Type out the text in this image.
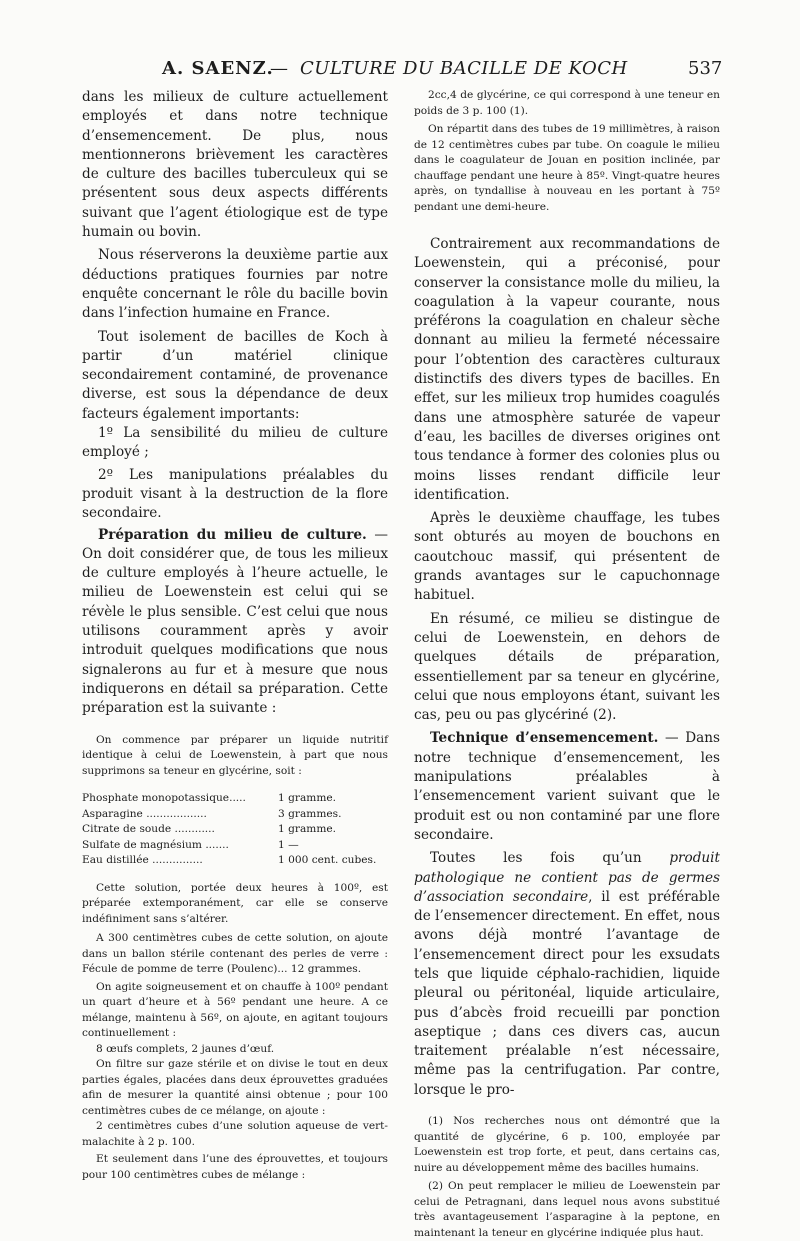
A. SAENZ.
— CULTURE DU BACILLE DE KOCH	537

dans les milieux de culture actuellement employés et dans notre technique d’ensemencement. De plus, nous mentionnerons brièvement les caractères de culture des bacilles tuberculeux qui se présentent sous deux aspects différents suivant que l’agent étiologique est de type humain ou bovin.

Nous réserverons la deuxième partie aux déductions pratiques fournies par notre enquête concernant le rôle du bacille bovin dans l’infection humaine en France.

Tout isolement de bacilles de Koch à partir d’un matériel clinique secondairement contaminé, de provenance diverse, est sous la dépendance de deux facteurs également importants:

1º La sensibilité du milieu de culture employé ;

2º Les manipulations préalables du produit visant à la destruction de la flore secondaire.

Préparation du milieu de culture. — On doit considérer que, de tous les milieux de culture employés à l’heure actuelle, le milieu de Loewenstein est celui qui se révèle le plus sensible. C’est celui que nous utilisons couramment après y avoir introduit quelques modifications que nous signalerons au fur et à mesure que nous indiquerons en détail sa préparation. Cette préparation est la suivante :

On commence par préparer un liquide nutritif identique à celui de Loewenstein, à part que nous supprimons sa teneur en glycérine, soit :

Phosphate monopotassique.....	1 gramme.
Asparagine ..................	3 grammes.
Citrate de soude ............	1 gramme.
Sulfate de magnésium .......	1 —
Eau distillée ...............	1 000 cent. cubes.

Cette solution, portée deux heures à 100º, est préparée extemporanément, car elle se conserve indéfiniment sans s’altérer.

A 300 centimètres cubes de cette solution, on ajoute dans un ballon stérile contenant des perles de verre : Fécule de pomme de terre (Poulenc)... 12 grammes.

On agite soigneusement et on chauffe à 100º pendant un quart d’heure et à 56º pendant une heure. A ce mélange, maintenu à 56º, on ajoute, en agitant toujours continuellement :

8 œufs complets, 2 jaunes d’œuf.

On filtre sur gaze stérile et on divise le tout en deux parties égales, placées dans deux éprouvettes graduées afin de mesurer la quantité ainsi obtenue ; pour 100 centimètres cubes de ce mélange, on ajoute :

2 centimètres cubes d’une solution aqueuse de vert-malachite à 2 p. 100.

Et seulement dans l’une des éprouvettes, et toujours pour 100 centimètres cubes de mélange :

2cc,4 de glycérine, ce qui correspond à une teneur en poids de 3 p. 100 (1).

On répartit dans des tubes de 19 millimètres, à raison de 12 centimètres cubes par tube. On coagule le milieu dans le coagulateur de Jouan en position inclinée, par chauffage pendant une heure à 85º. Vingt-quatre heures après, on tyndallise à nouveau en les portant à 75º pendant une demi-heure.

Contrairement aux recommandations de Loewenstein, qui a préconisé, pour conserver la consistance molle du milieu, la coagulation à la vapeur courante, nous préférons la coagulation en chaleur sèche donnant au milieu la fermeté nécessaire pour l’obtention des caractères culturaux distinctifs des divers types de bacilles. En effet, sur les milieux trop humides coagulés dans une atmosphère saturée de vapeur d’eau, les bacilles de diverses origines ont tous tendance à former des colonies plus ou moins lisses rendant difficile leur identification.

Après le deuxième chauffage, les tubes sont obturés au moyen de bouchons en caoutchouc massif, qui présentent de grands avantages sur le capuchonnage habituel.

En résumé, ce milieu se distingue de celui de Loewenstein, en dehors de quelques détails de préparation, essentiellement par sa teneur en glycérine, celui que nous employons étant, suivant les cas, peu ou pas glycériné (2).

Technique d’ensemencement. — Dans notre technique d’ensemencement, les manipulations préalables à l’ensemencement varient suivant que le produit est ou non contaminé par une flore secondaire.

Toutes les fois qu’un produit pathologique ne contient pas de germes d’association secondaire, il est préférable de l’ensemencer directement. En effet, nous avons déjà montré l’avantage de l’ensemencement direct pour les exsudats tels que liquide céphalo-rachidien, liquide pleural ou péritonéal, liquide articulaire, pus d’abcès froid recueilli par ponction aseptique ; dans ces divers cas, aucun traitement préalable n’est nécessaire, même pas la centrifugation. Par contre, lorsque le pro-

(1) Nos recherches nous ont démontré que la quantité de glycérine, 6 p. 100, employée par Loewenstein est trop forte, et peut, dans certains cas, nuire au développement même des bacilles humains.

(2) On peut remplacer le milieu de Loewenstein par celui de Petragnani, dans lequel nous avons substitué très avantageusement l’asparagine à la peptone, en maintenant la teneur en glycérine indiquée plus haut.
